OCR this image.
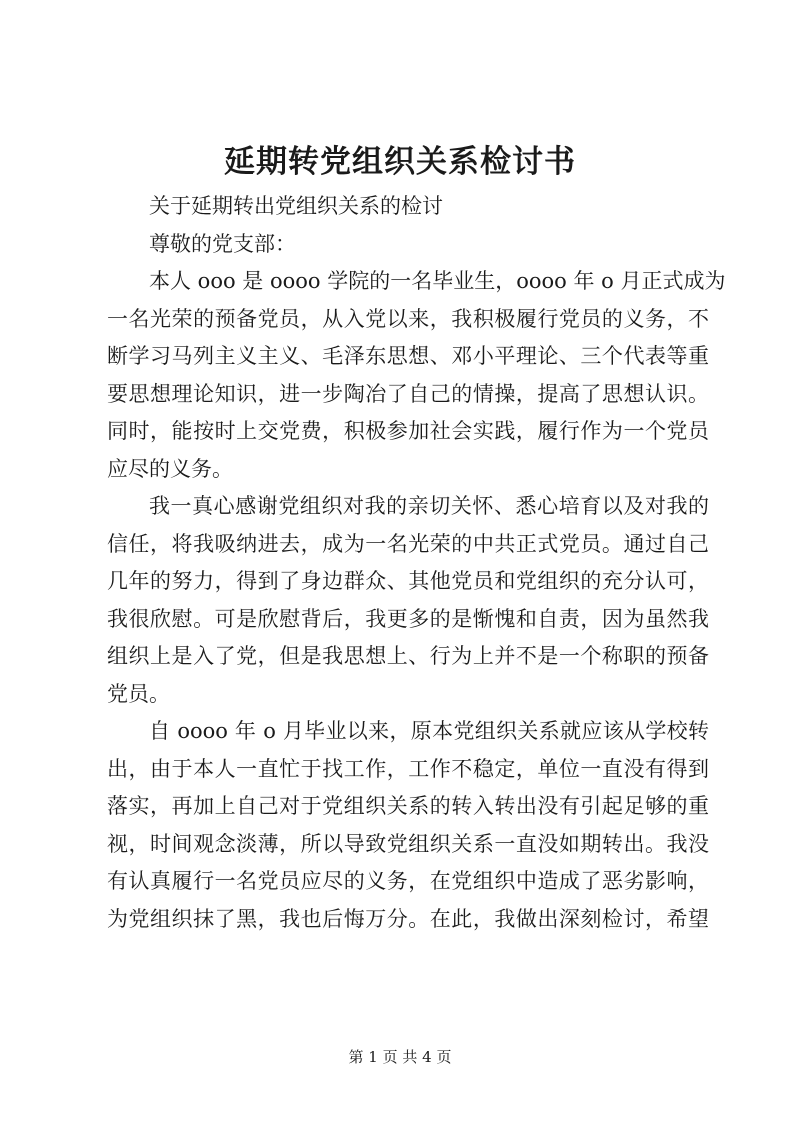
延期转党组织关系检讨书
关于延期转出党组织关系的检讨
尊敬的党支部：
本人 ooo 是 oooo 学院的一名毕业生，oooo 年 o 月正式成为
一名光荣的预备党员，从入党以来，我积极履行党员的义务，不
断学习马列主义主义、毛泽东思想、邓小平理论、三个代表等重
要思想理论知识，进一步陶冶了自己的情操，提高了思想认识。
同时，能按时上交党费，积极参加社会实践，履行作为一个党员
应尽的义务。
我一真心感谢党组织对我的亲切关怀、悉心培育以及对我的
信任，将我吸纳进去，成为一名光荣的中共正式党员。通过自己
几年的努力，得到了身边群众、其他党员和党组织的充分认可，
我很欣慰。可是欣慰背后，我更多的是惭愧和自责，因为虽然我
组织上是入了党，但是我思想上、行为上并不是一个称职的预备
党员。
自 oooo 年 o 月毕业以来，原本党组织关系就应该从学校转
出，由于本人一直忙于找工作，工作不稳定，单位一直没有得到
落实，再加上自己对于党组织关系的转入转出没有引起足够的重
视，时间观念淡薄，所以导致党组织关系一直没如期转出。我没
有认真履行一名党员应尽的义务，在党组织中造成了恶劣影响，
为党组织抹了黑，我也后悔万分。在此，我做出深刻检讨，希望
第 1 页 共 4 页
